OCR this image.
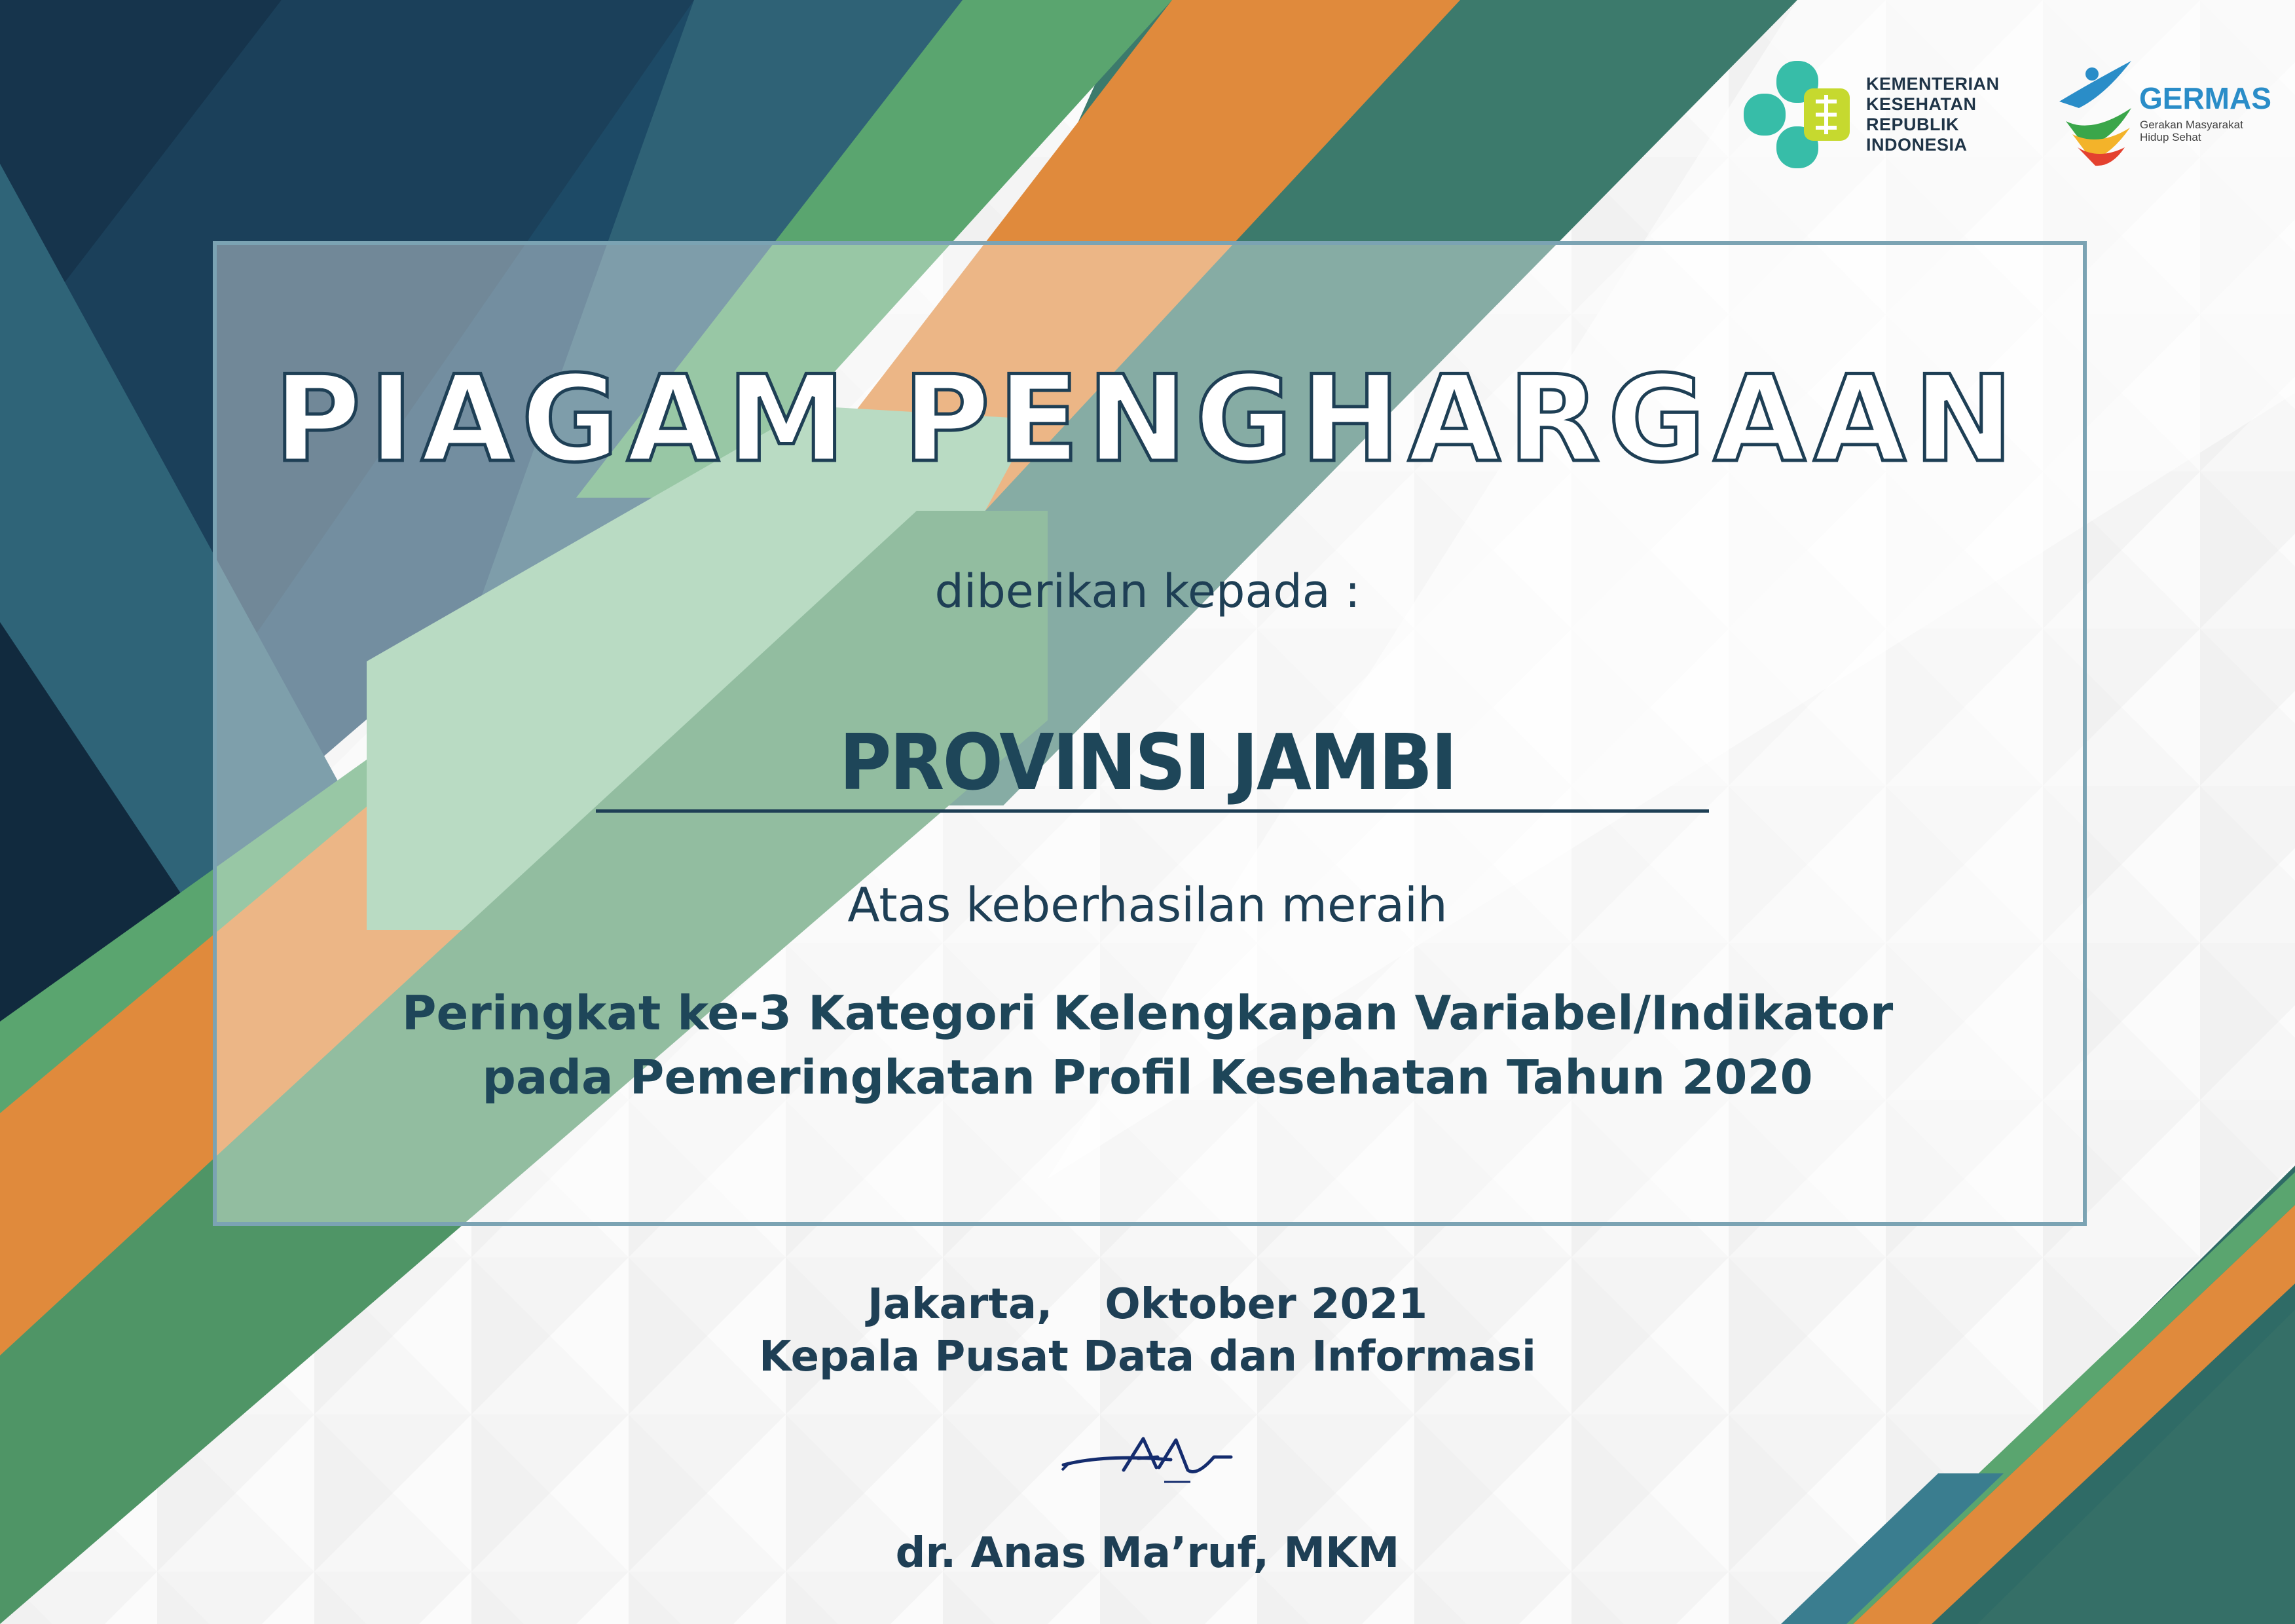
KEMENTERIAN
KESEHATAN
REPUBLIK
INDONESIA
GERMAS
Gerakan Masyarakat
Hidup Sehat
PIAGAM PENGHARGAAN
diberikan kepada :
PROVINSI JAMBI
Atas keberhasilan meraih
Peringkat ke-3 Kategori Kelengkapan Variabel/Indikator
pada Pemeringkatan Profil Kesehatan Tahun 2020
Jakarta, Oktober 2021
Kepala Pusat Data dan Informasi
dr. Anas Ma’ruf, MKM
